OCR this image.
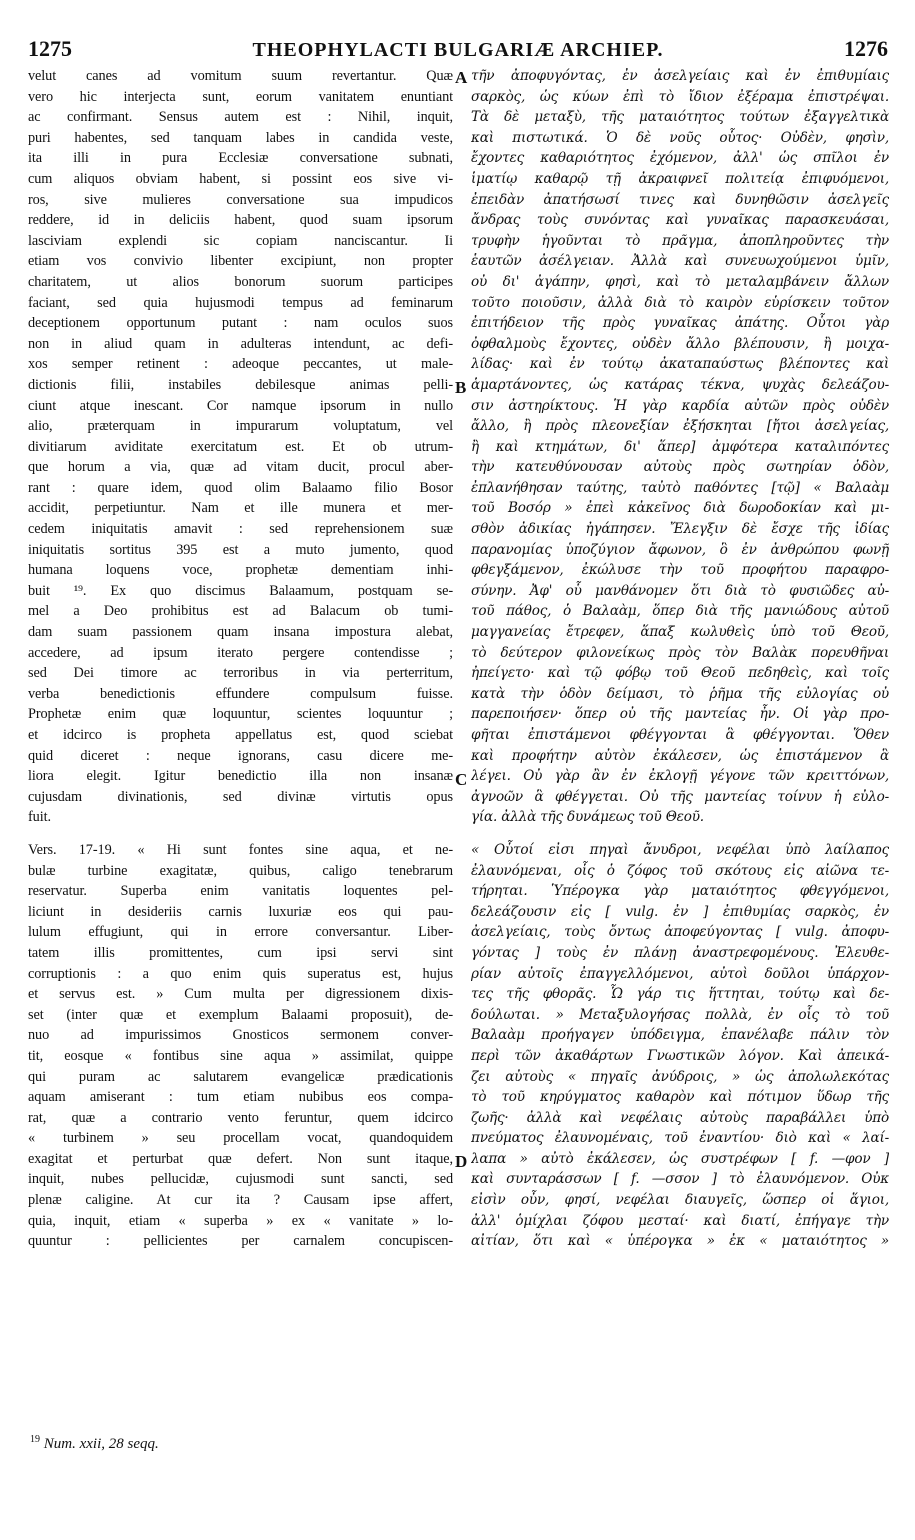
1275	THEOPHYLACTI BULGARIÆ ARCHIEP.	1276
velut canes ad vomitum suum revertantur. Quæ
vero hic interjecta sunt, eorum vanitatem enuntiant
ac confirmant. Sensus autem est : Nihil, inquit,
puri habentes, sed tanquam labes in candida veste,
ita illi in pura Ecclesiæ conversatione subnati,
cum aliquos obviam habent, si possint eos sive vi-
ros, sive mulieres conversatione sua impudicos
reddere, id in deliciis habent, quod suam ipsorum
lasciviam explendi sic copiam nanciscantur. Ii
etiam vos convivio libenter excipiunt, non propter
charitatem, ut alios bonorum suorum participes
faciant, sed quia hujusmodi tempus ad feminarum
deceptionem opportunum putant : nam oculos suos
non in aliud quam in adulteras intendunt, ac defi-
xos semper retinent : adeoque peccantes, ut male-
dictionis filii, instabiles debilesque animas pelli-
ciunt atque inescant. Cor namque ipsorum in nullo
alio, præterquam in impurarum voluptatum, vel
divitiarum aviditate exercitatum est. Et ob utrum-
que horum a via, quæ ad vitam ducit, procul aber-
rant : quare idem, quod olim Balaamo filio Bosor
accidit, perpetiuntur. Nam et ille munera et mer-
cedem iniquitatis amavit : sed reprehensionem suæ
iniquitatis sortitus 395 est a muto jumento, quod
humana loquens voce, prophetæ dementiam inhi-
buit ¹⁹. Ex quo discimus Balaamum, postquam se-
mel a Deo prohibitus est ad Balacum ob tumi-
dam suam passionem quam insana impostura alebat,
accedere, ad ipsum iterato pergere contendisse ;
sed Dei timore ac terroribus in via perterritum,
verba benedictionis effundere compulsum fuisse.
Prophetæ enim quæ loquuntur, scientes loquuntur ;
et idcirco is propheta appellatus est, quod sciebat
quid diceret : neque ignorans, casu dicere me-
liora elegit. Igitur benedictio illa non insanæ
cujusdam divinationis, sed divinæ virtutis opus
fuit.
Vers. 17-19. « Hi sunt fontes sine aqua, et ne-
bulæ turbine exagitatæ, quibus, caligo tenebrarum
reservatur. Superba enim vanitatis loquentes pel-
liciunt in desideriis carnis luxuriæ eos qui pau-
lulum effugiunt, qui in errore conversantur. Liber-
tatem illis promittentes, cum ipsi servi sint
corruptionis : a quo enim quis superatus est, hujus
et servus est. » Cum multa per digressionem dixis-
set (inter quæ et exemplum Balaami proposuit), de-
nuo ad impurissimos Gnosticos sermonem conver-
tit, eosque « fontibus sine aqua » assimilat, quippe
qui puram ac salutarem evangelicæ prædicationis
aquam amiserant : tum etiam nubibus eos compa-
rat, quæ a contrario vento feruntur, quem idcirco
« turbinem » seu procellam vocat, quandoquidem
exagitat et perturbat quæ defert. Non sunt itaque,
inquit, nubes pellucidæ, cujusmodi sunt sancti, sed
plenæ caligine. At cur ita ? Causam ipse affert,
quia, inquit, etiam « superba » ex « vanitate » lo-
quuntur : pellicientes per carnalem concupiscen-
A
B
C
D
τῆν ἀποφυγόντας, ἐν ἀσελγείαις καὶ ἐν ἐπιθυμίαις
σαρκὸς, ὡς κύων ἐπὶ τὸ ἴδιον ἐξέραμα ἐπιστρέψαι.
Τὰ δὲ μεταξὺ, τῆς ματαιότητος τούτων ἐξαγγελτικὰ
καὶ πιστωτικά. Ὁ δὲ νοῦς οὗτος· Οὐδὲν, φησὶν,
ἔχοντες καθαριότητος ἐχόμενον, ἀλλ' ὡς σπῖλοι ἐν
ἱματίῳ καθαρῷ τῇ ἀκραιφνεῖ πολιτείᾳ ἐπιφυόμενοι,
ἐπειδὰν ἀπατήσωσί τινες καὶ δυνηθῶσιν ἀσελγεῖς
ἄνδρας τοὺς συνόντας καὶ γυναῖκας παρασκευάσαι,
τρυφὴν ἡγοῦνται τὸ πρᾶγμα, ἀποπληροῦντες τὴν
ἑαυτῶν ἀσέλγειαν. Ἀλλὰ καὶ συνευωχούμενοι ὑμῖν,
οὐ δι' ἀγάπην, φησὶ, καὶ τὸ μεταλαμβάνειν ἄλλων
τοῦτο ποιοῦσιν, ἀλλὰ διὰ τὸ καιρὸν εὑρίσκειν τοῦτον
ἐπιτήδειον τῆς πρὸς γυναῖκας ἀπάτης. Οὗτοι γὰρ
ὀφθαλμοὺς ἔχοντες, οὐδὲν ἄλλο βλέπουσιν, ἢ μοιχα-
λίδας· καὶ ἐν τούτῳ ἀκαταπαύστως βλέποντες καὶ
ἁμαρτάνοντες, ὡς κατάρας τέκνα, ψυχὰς δελεάζου-
σιν ἀστηρίκτους. Ἡ γὰρ καρδία αὐτῶν πρὸς οὐδὲν
ἄλλο, ἢ πρὸς πλεονεξίαν ἐξήσκηται [ἤτοι ἀσελγείας,
ἢ καὶ κτημάτων, δι' ἅπερ] ἀμφότερα καταλιπόντες
τὴν κατευθύνουσαν αὐτοὺς πρὸς σωτηρίαν ὁδὸν,
ἐπλανήθησαν ταύτης, ταὐτὸ παθόντες [τῷ] « Βαλαὰμ
τοῦ Βοσόρ » ἐπεὶ κἀκεῖνος διὰ δωροδοκίαν καὶ μι-
σθὸν ἀδικίας ἠγάπησεν. Ἔλεγξιν δὲ ἔσχε τῆς ἰδίας
παρανομίας ὑποζύγιον ἄφωνον, ὃ ἐν ἀνθρώπου φωνῇ
φθεγξάμενον, ἐκώλυσε τὴν τοῦ προφήτου παραφρο-
σύνην. Ἀφ' οὗ μανθάνομεν ὅτι διὰ τὸ φυσιῶδες αὐ-
τοῦ πάθος, ὁ Βαλαὰμ, ὅπερ διὰ τῆς μανιώδους αὐτοῦ
μαγγανείας ἔτρεφεν, ἅπαξ κωλυθεὶς ὑπὸ τοῦ Θεοῦ,
τὸ δεύτερον φιλονείκως πρὸς τὸν Βαλὰκ πορευθῆναι
ἠπείγετο· καὶ τῷ φόβῳ τοῦ Θεοῦ πεδηθεὶς, καὶ τοῖς
κατὰ τὴν ὁδὸν δείμασι, τὸ ῥῆμα τῆς εὐλογίας οὐ
παρεποιήσεν· ὅπερ οὐ τῆς μαντείας ἦν. Οἱ γὰρ προ-
φῆται ἐπιστάμενοι φθέγγονται ἃ φθέγγονται. Ὅθεν
καὶ προφήτην αὐτὸν ἐκάλεσεν, ὡς ἐπιστάμενον ἃ
λέγει. Οὐ γὰρ ἂν ἐν ἐκλογῇ γέγονε τῶν κρειττόνων,
ἀγνοῶν ἃ φθέγγεται. Οὐ τῆς μαντείας τοίνυν ἡ εὐλο-
γία. ἀλλὰ τῆς δυνάμεως τοῦ Θεοῦ.
« Οὗτοί εἰσι πηγαὶ ἄνυδροι, νεφέλαι ὑπὸ λαίλαπος
ἐλαυνόμεναι, οἷς ὁ ζόφος τοῦ σκότους εἰς αἰῶνα τε-
τήρηται. Ὑπέρογκα γὰρ ματαιότητος φθεγγόμενοι,
δελεάζουσιν εἰς [ vulg. ἐν ] ἐπιθυμίας σαρκὸς, ἐν
ἀσελγείαις, τοὺς ὄντως ἀποφεύγοντας [ vulg. ἀποφυ-
γόντας ] τοὺς ἐν πλάνῃ ἀναστρεφομένους. Ἐλευθε-
ρίαν αὐτοῖς ἐπαγγελλόμενοι, αὐτοὶ δοῦλοι ὑπάρχον-
τες τῆς φθορᾶς. Ὧ γάρ τις ἥττηται, τούτῳ καὶ δε-
δούλωται. » Μεταξυλογήσας πολλὰ, ἐν οἷς τὸ τοῦ
Βαλαὰμ προήγαγεν ὑπόδειγμα, ἐπανέλαβε πάλιν τὸν
περὶ τῶν ἀκαθάρτων Γνωστικῶν λόγον. Καὶ ἀπεικά-
ζει αὐτοὺς « πηγαῖς ἀνύδροις, » ὡς ἀπολωλεκότας
τὸ τοῦ κηρύγματος καθαρὸν καὶ πότιμον ὕδωρ τῆς
ζωῆς· ἀλλὰ καὶ νεφέλαις αὐτοὺς παραβάλλει ὑπὸ
πνεύματος ἐλαυνομέναις, τοῦ ἐναντίου· διὸ καὶ « λαί-
λαπα » αὐτὸ ἐκάλεσεν, ὡς συστρέφων [ f. —φον ]
καὶ συνταράσσων [ f. —σσον ] τὸ ἐλαυνόμενον. Οὐκ
εἰσὶν οὖν, φησί, νεφέλαι διαυγεῖς, ὥσπερ οἱ ἅγιοι,
ἀλλ' ὁμίχλαι ζόφου μεσταί· καὶ διατί, ἐπήγαγε τὴν
αἰτίαν, ὅτι καὶ « ὑπέρογκα » ἐκ « ματαιότητος »
$^{19}$ Num. xxii, 28 seqq.
